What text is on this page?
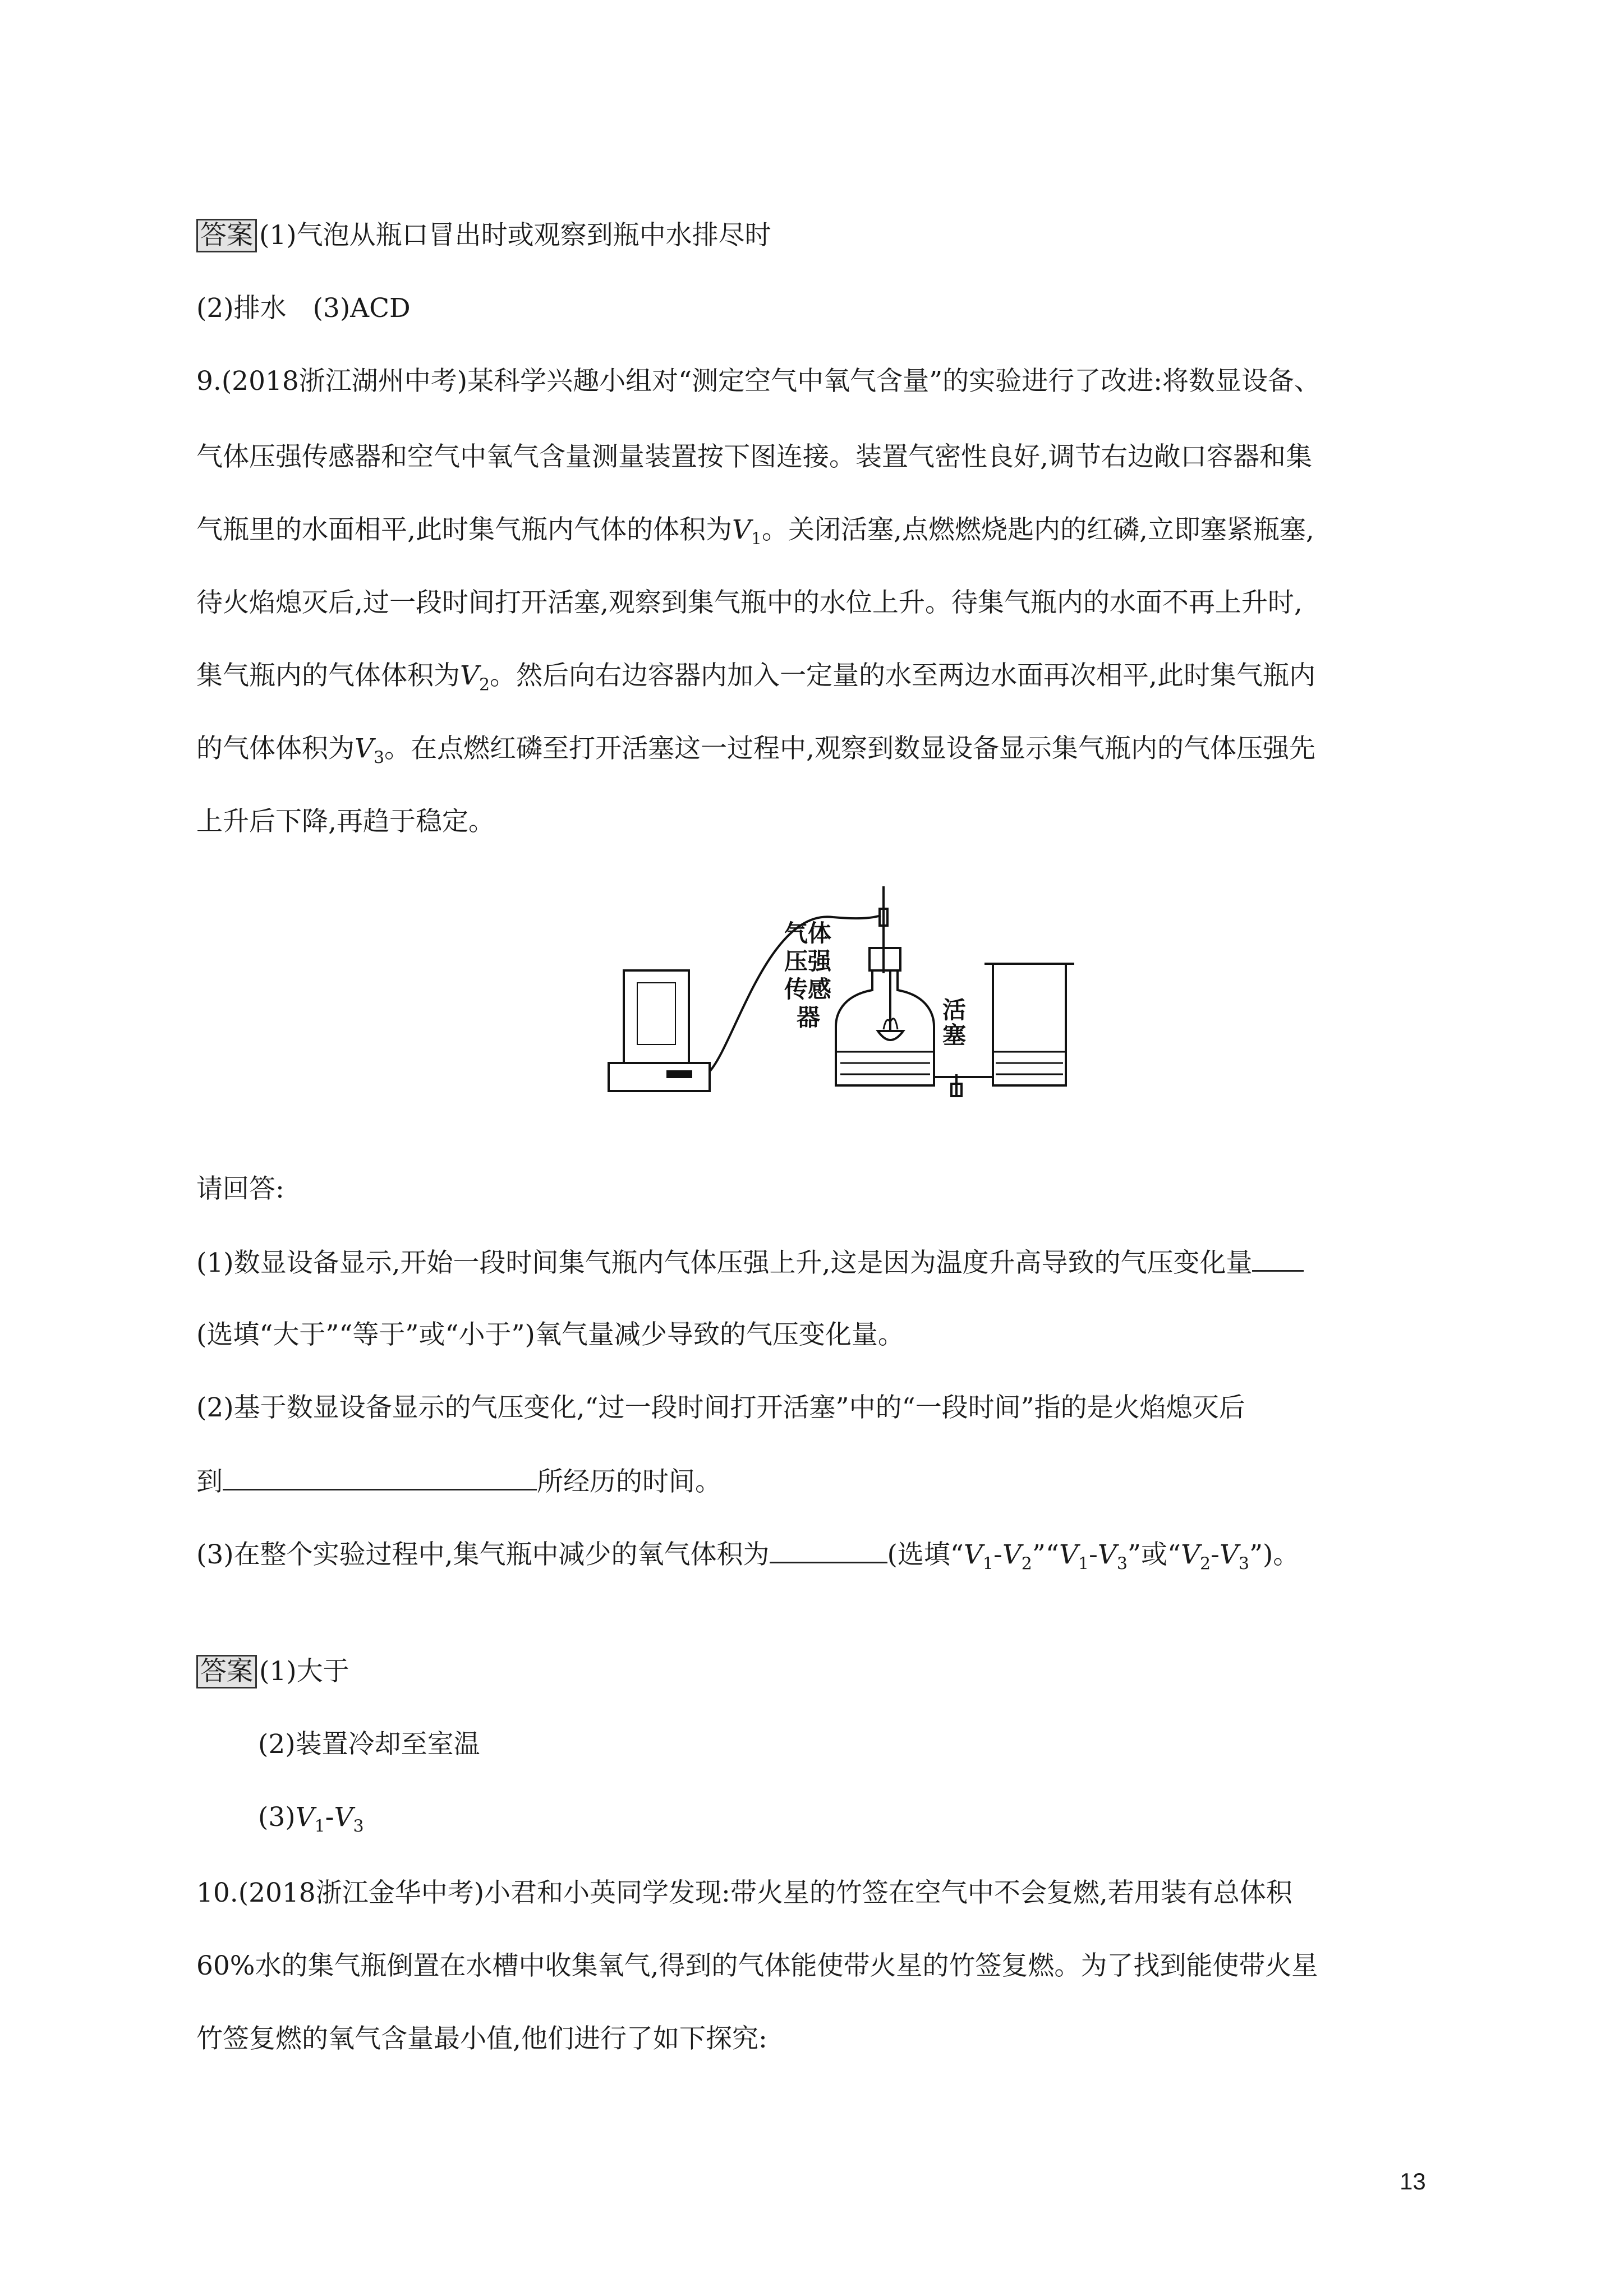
答案 (1)气泡从瓶口冒出时或观察到瓶中水排尽时
(2)排水　(3)ACD
9.(2018浙江湖州中考)某科学兴趣小组对“测定空气中氧气含量”的实验进行了改进:将数显设备、
气体压强传感器和空气中氧气含量测量装置按下图连接。装置气密性良好,调节右边敞口容器和集
气瓶里的水面相平,此时集气瓶内气体的体积为$V_1$。关闭活塞,点燃燃烧匙内的红磷,立即塞紧瓶塞,
待火焰熄灭后,过一段时间打开活塞,观察到集气瓶中的水位上升。待集气瓶内的水面不再上升时,
集气瓶内的气体体积为$V_2$。然后向右边容器内加入一定量的水至两边水面再次相平,此时集气瓶内
的气体体积为$V_3$。在点燃红磷至打开活塞这一过程中,观察到数显设备显示集气瓶内的气体压强先
上升后下降,再趋于稳定。
气 体
压 强
传 感
器	活
塞
请回答:
(1)数显设备显示,开始一段时间集气瓶内气体压强上升,这是因为温度升高导致的气压变化量
(选填“大于”“等于”或“小于”)氧气量减少导致的气压变化量。
(2)基于数显设备显示的气压变化,“过一段时间打开活塞”中的“一段时间”指的是火焰熄灭后
到	所经历的时间。
(3)在整个实验过程中,集气瓶中减少的氧气体积为	(选填“$V_1-V_2”“V_1-V_3$”或“$V_2-V_3$”)。
答案 (1)大于
(2)装置冷却至室温
$(3)V_1-V_3$
10.(2018浙江金华中考)小君和小英同学发现:带火星的竹签在空气中不会复燃,若用装有总体积
60%水的集气瓶倒置在水槽中收集氧气,得到的气体能使带火星的竹签复燃。为了找到能使带火星
竹签复燃的氧气含量最小值,他们进行了如下探究:
13
